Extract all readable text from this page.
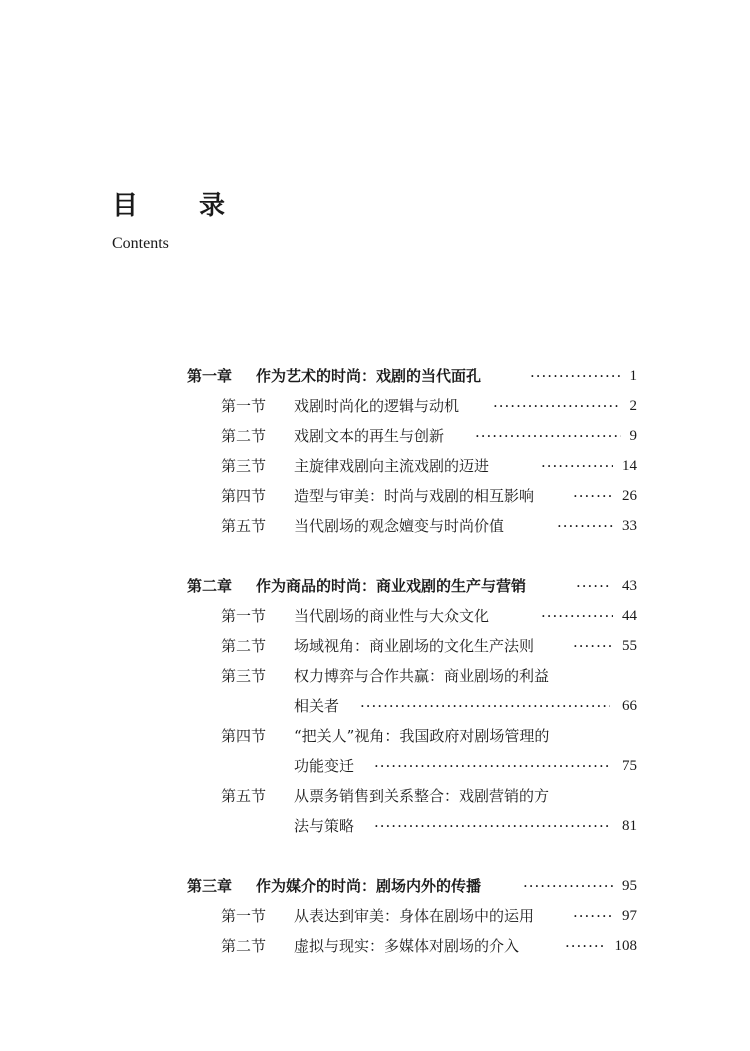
目 录
Contents
第一章 作为艺术的时尚：戏剧的当代面孔 ·····	1
第一节 戏剧时尚化的逻辑与动机 ·····	2
第二节 戏剧文本的再生与创新 ·····	9
第三节 主旋律戏剧向主流戏剧的迈进 ·····	14
第四节 造型与审美：时尚与戏剧的相互影响 ·····	26
第五节 当代剧场的观念嬗变与时尚价值 ·····	33
第二章 作为商品的时尚：商业戏剧的生产与营销 ·····	43
第一节 当代剧场的商业性与大众文化 ·····	44
第二节 场域视角：商业剧场的文化生产法则 ·····	55
第三节 权力博弈与合作共赢：商业剧场的利益
相关者 ·····	66
第四节 “把关人”视角：我国政府对剧场管理的
功能变迁 ·····	75
第五节 从票务销售到关系整合：戏剧营销的方
法与策略 ·····	81
第三章 作为媒介的时尚：剧场内外的传播 ·····	95
第一节 从表达到审美：身体在剧场中的运用 ·····	97
第二节 虚拟与现实：多媒体对剧场的介入 ·····	108
